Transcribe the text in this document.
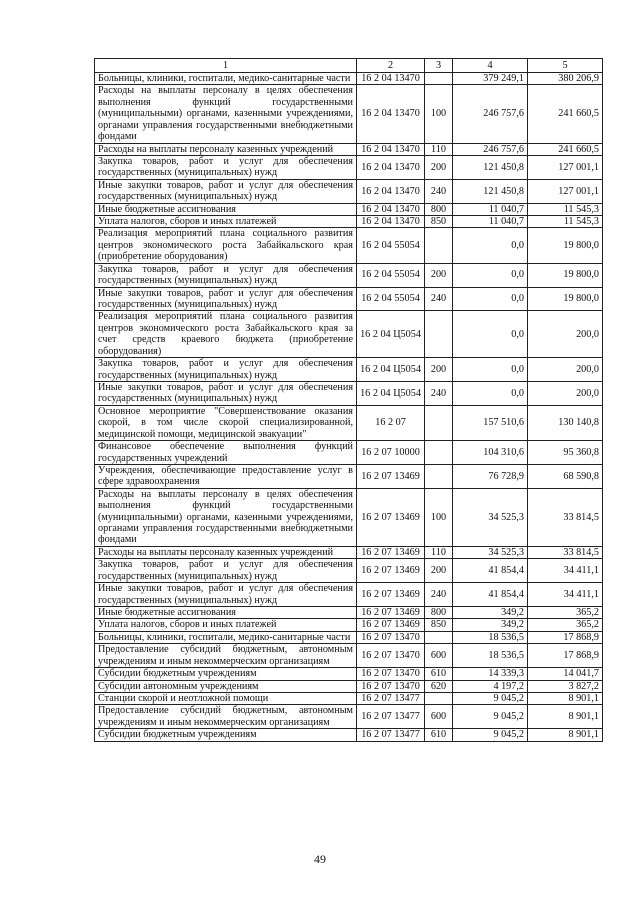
1	2	3	4	5
Больницы, клиники, госпитали, медико-санитарные части	16 2 04 13470		379 249,1	380 206,9
Расходы на выплаты персоналу в целях обеспечения выполнения функций государственными (муниципальными) органами, казенными учреждениями, органами управления государственными внебюджетными фондами	16 2 04 13470	100	246 757,6	241 660,5
Расходы на выплаты персоналу казенных учреждений	16 2 04 13470	110	246 757,6	241 660,5
Закупка товаров, работ и услуг для обеспечения государственных (муниципальных) нужд	16 2 04 13470	200	121 450,8	127 001,1
Иные закупки товаров, работ и услуг для обеспечения государственных (муниципальных) нужд	16 2 04 13470	240	121 450,8	127 001,1
Иные бюджетные ассигнования	16 2 04 13470	800	11 040,7	11 545,3
Уплата налогов, сборов и иных платежей	16 2 04 13470	850	11 040,7	11 545,3
Реализация мероприятий плана социального развития центров экономического роста Забайкальского края (приобретение оборудования)	16 2 04 55054		0,0	19 800,0
Закупка товаров, работ и услуг для обеспечения государственных (муниципальных) нужд	16 2 04 55054	200	0,0	19 800,0
Иные закупки товаров, работ и услуг для обеспечения государственных (муниципальных) нужд	16 2 04 55054	240	0,0	19 800,0
Реализация мероприятий плана социального развития центров экономического роста Забайкальского края за счет средств краевого бюджета (приобретение оборудования)	16 2 04 Ц5054		0,0	200,0
Закупка товаров, работ и услуг для обеспечения государственных (муниципальных) нужд	16 2 04 Ц5054	200	0,0	200,0
Иные закупки товаров, работ и услуг для обеспечения государственных (муниципальных) нужд	16 2 04 Ц5054	240	0,0	200,0
Основное мероприятие "Совершенствование оказания скорой, в том числе скорой специализированной, медицинской помощи, медицинской эвакуации"	16 2 07		157 510,6	130 140,8
Финансовое обеспечение выполнения функций государственных учреждений	16 2 07 10000		104 310,6	95 360,8
Учреждения, обеспечивающие предоставление услуг в сфере здравоохранения	16 2 07 13469		76 728,9	68 590,8
Расходы на выплаты персоналу в целях обеспечения выполнения функций государственными (муниципальными) органами, казенными учреждениями, органами управления государственными внебюджетными фондами	16 2 07 13469	100	34 525,3	33 814,5
Расходы на выплаты персоналу казенных учреждений	16 2 07 13469	110	34 525,3	33 814,5
Закупка товаров, работ и услуг для обеспечения государственных (муниципальных) нужд	16 2 07 13469	200	41 854,4	34 411,1
Иные закупки товаров, работ и услуг для обеспечения государственных (муниципальных) нужд	16 2 07 13469	240	41 854,4	34 411,1
Иные бюджетные ассигнования	16 2 07 13469	800	349,2	365,2
Уплата налогов, сборов и иных платежей	16 2 07 13469	850	349,2	365,2
Больницы, клиники, госпитали, медико-санитарные части	16 2 07 13470		18 536,5	17 868,9
Предоставление субсидий бюджетным, автономным учреждениям и иным некоммерческим организациям	16 2 07 13470	600	18 536,5	17 868,9
Субсидии бюджетным учреждениям	16 2 07 13470	610	14 339,3	14 041,7
Субсидии автономным учреждениям	16 2 07 13470	620	4 197,2	3 827,2
Станции скорой и неотложной помощи	16 2 07 13477		9 045,2	8 901,1
Предоставление субсидий бюджетным, автономным учреждениям и иным некоммерческим организациям	16 2 07 13477	600	9 045,2	8 901,1
Субсидии бюджетным учреждениям	16 2 07 13477	610	9 045,2	8 901,1
49
